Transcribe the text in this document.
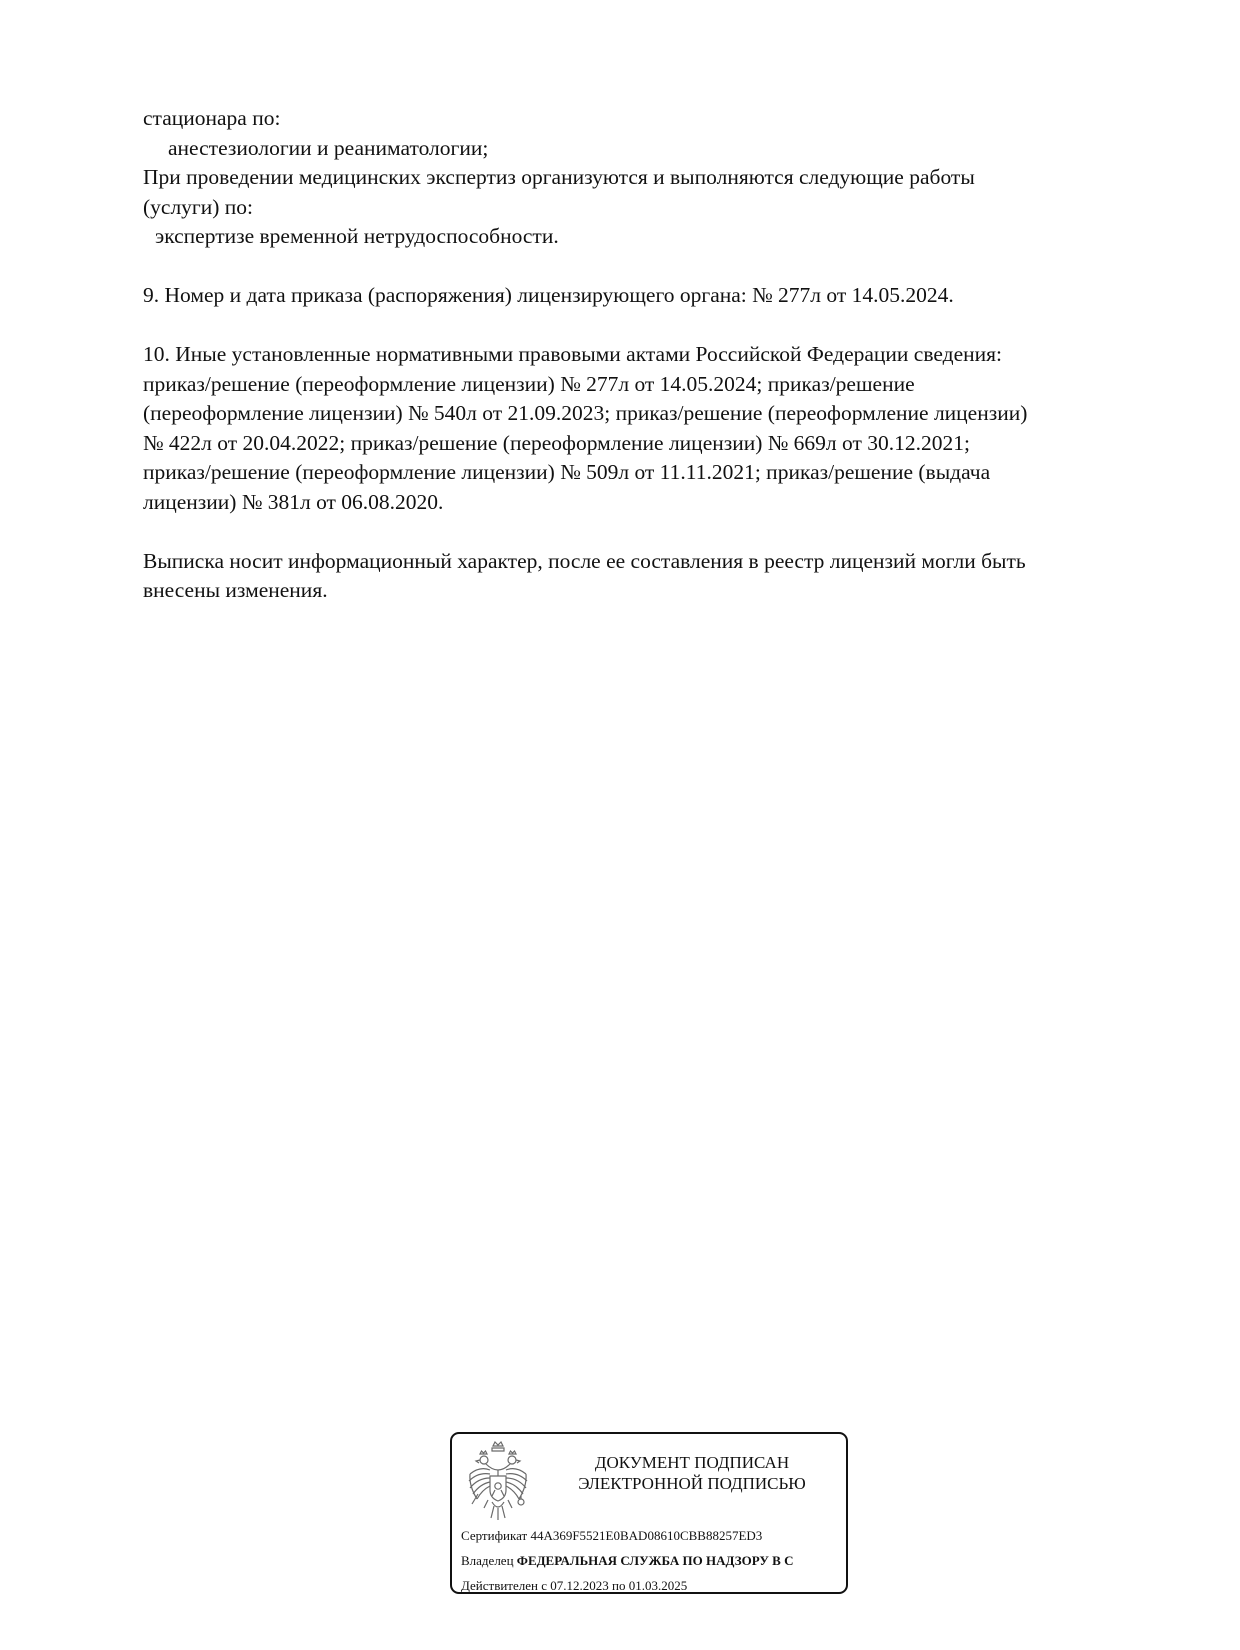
стационара по:
анестезиологии и реаниматологии;
При проведении медицинских экспертиз организуются и выполняются следующие работы
(услуги) по:
экспертизе временной нетрудоспособности.
9. Номер и дата приказа (распоряжения) лицензирующего органа: № 277л от 14.05.2024.
10. Иные установленные нормативными правовыми актами Российской Федерации сведения:
приказ/решение (переоформление лицензии) № 277л от 14.05.2024; приказ/решение
(переоформление лицензии) № 540л от 21.09.2023; приказ/решение (переоформление лицензии)
№ 422л от 20.04.2022; приказ/решение (переоформление лицензии) № 669л от 30.12.2021;
приказ/решение (переоформление лицензии) № 509л от 11.11.2021; приказ/решение (выдача
лицензии) № 381л от 06.08.2020.
Выписка носит информационный характер, после ее составления в реестр лицензий могли быть
внесены изменения.
ДОКУМЕНТ ПОДПИСАН
ЭЛЕКТРОННОЙ ПОДПИСЬЮ
Сертификат 44A369F5521E0BAD08610CBB88257ED3
Владелец ФЕДЕРАЛЬНАЯ СЛУЖБА ПО НАДЗОРУ В С
Действителен с 07.12.2023 по 01.03.2025
